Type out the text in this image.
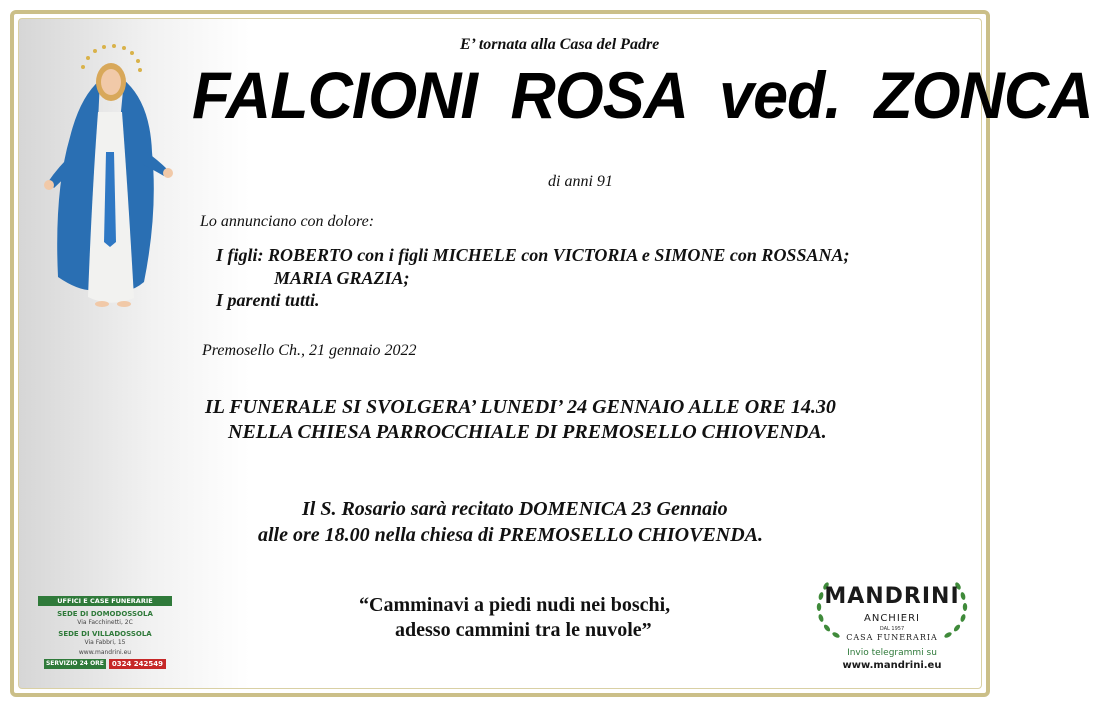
E’ tornata alla Casa del Padre
FALCIONI ROSA ved. ZONCA
di anni 91
Lo annunciano con dolore:
I figli: ROBERTO con i figli MICHELE con VICTORIA e SIMONE con ROSSANA;
MARIA GRAZIA;
I parenti tutti.
Premosello Ch., 21 gennaio 2022
IL FUNERALE SI SVOLGERA’ LUNEDI’ 24 GENNAIO ALLE ORE 14.30
NELLA CHIESA PARROCCHIALE DI PREMOSELLO CHIOVENDA.
Il S. Rosario sarà recitato DOMENICA 23 Gennaio
alle ore 18.00 nella chiesa di PREMOSELLO CHIOVENDA.
“Camminavi a piedi nudi nei boschi,
adesso cammini tra le nuvole”
UFFICI E CASE FUNERARIE
SEDE DI DOMODOSSOLA
Via Facchinetti, 2C
SEDE DI VILLADOSSOLA
Via Fabbri, 15
www.mandrini.eu
SERVIZIO 24 ORE	0324 242549
MANDRINI
ANCHIERI
DAL 1957
CASA FUNERARIA
Invio telegrammi su
www.mandrini.eu
